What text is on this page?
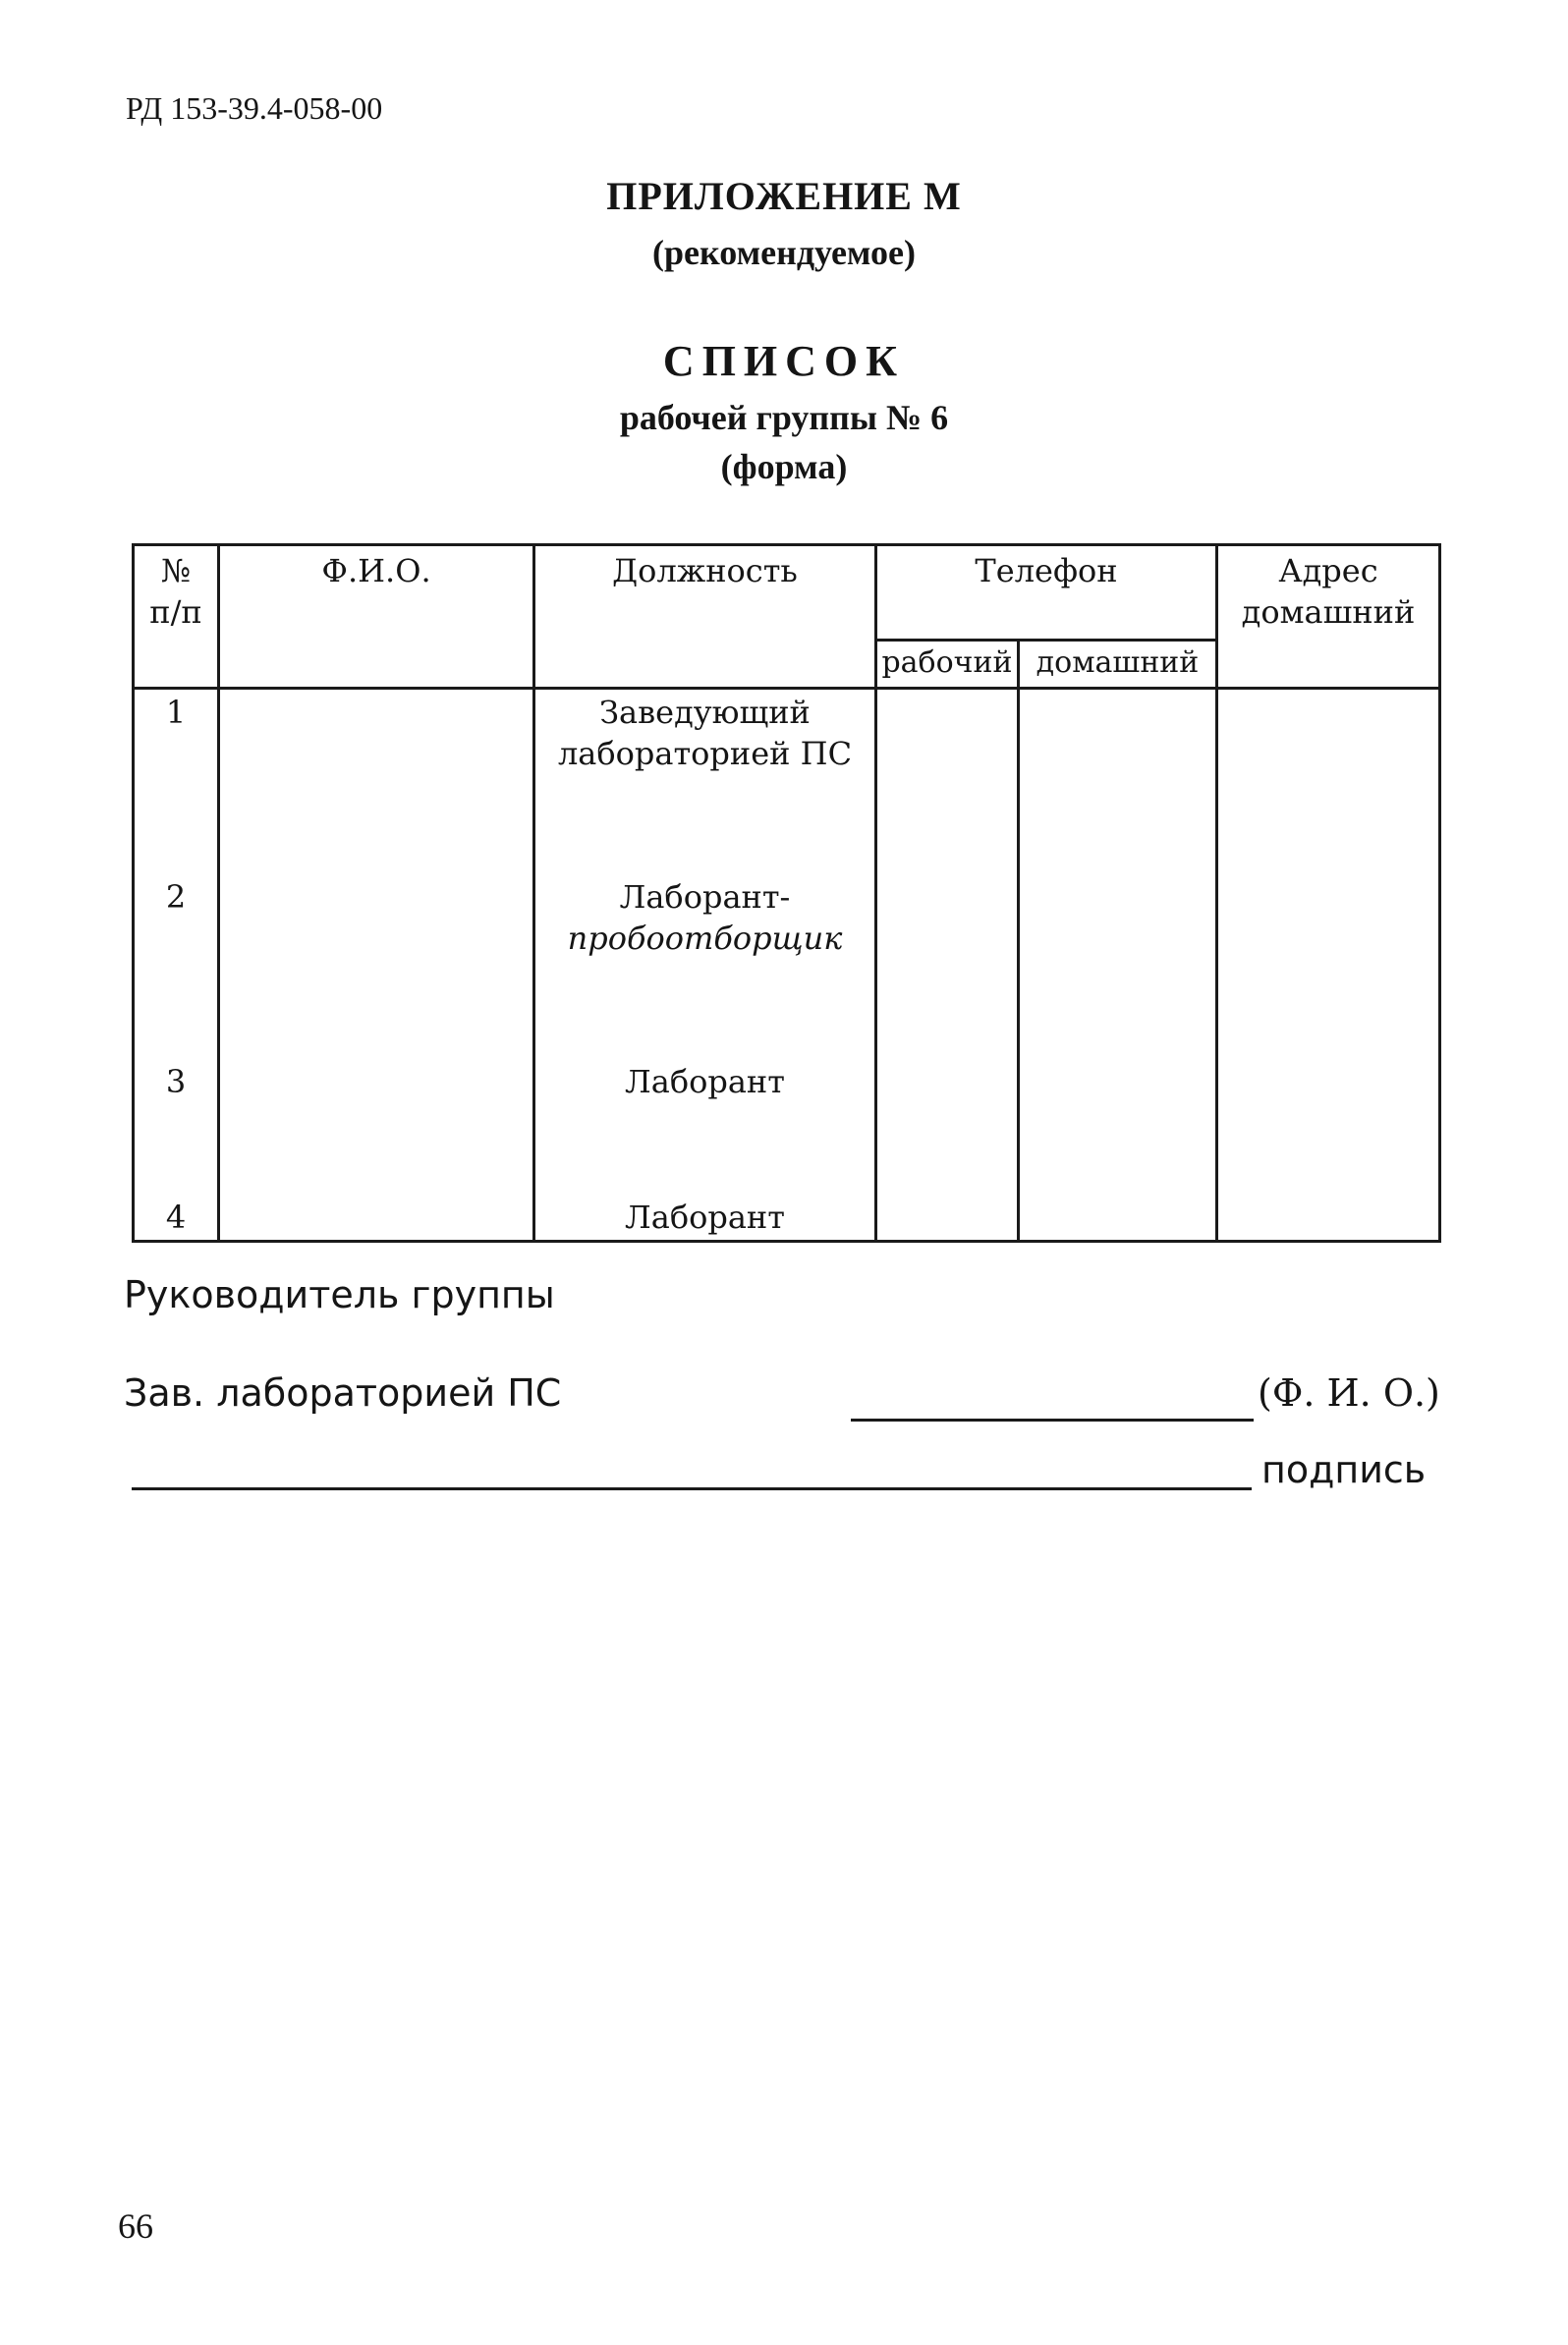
РД 153-39.4-058-00
ПРИЛОЖЕНИЕ М
(рекомендуемое)
СПИСОК
рабочей группы № 6
(форма)
№
п/п	Ф.И.О.	Должность	Телефон		Адрес
домашний

			рабочий	домашний	
1		Заведующий
лабораторией ПС			

2		Лаборант-
пробоотборщик			

3		Лаборант			

4		Лаборант			

Руководитель группы
Зав. лабораторией ПС	(Ф. И. О.)
подпись
66
